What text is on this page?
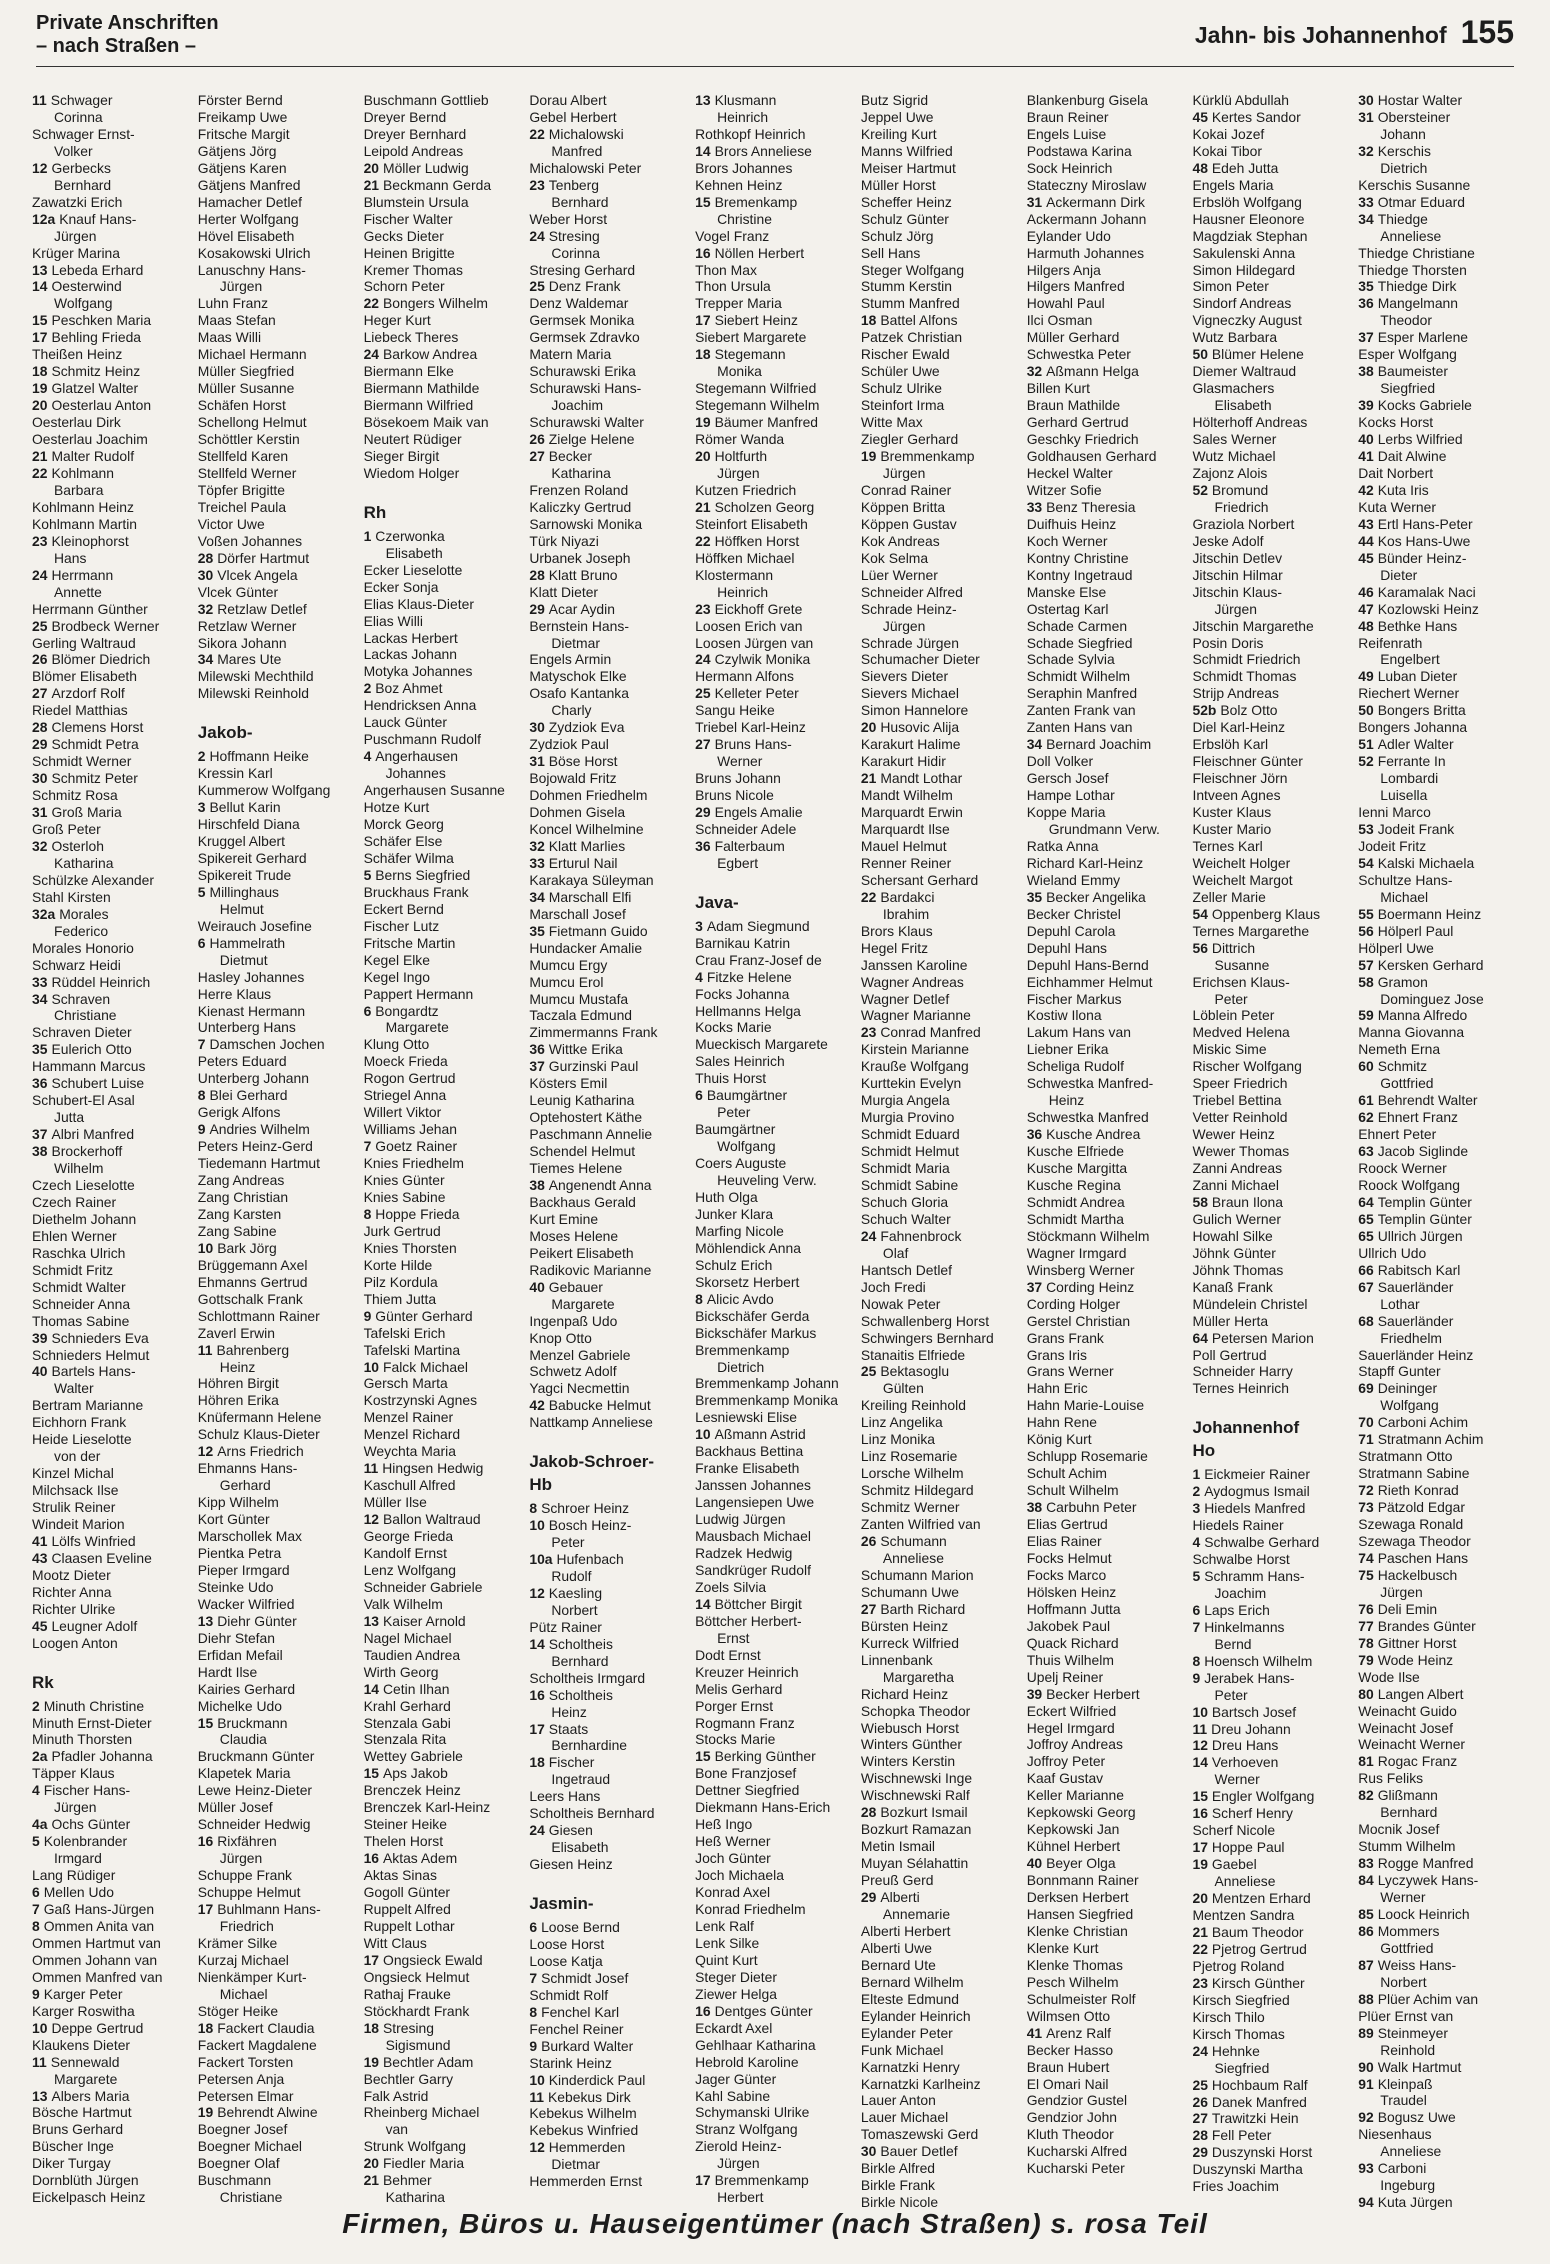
Private Anschriften
– nach Straßen –	Jahn- bis Johannenhof 155
11 Schwager
Corinna
Schwager Ernst-
Volker
12 Gerbecks
Bernhard
Zawatzki Erich
12a Knauf Hans-
Jürgen
Krüger Marina
13 Lebeda Erhard
14 Oesterwind
Wolfgang
15 Peschken Maria
17 Behling Frieda
Theißen Heinz
18 Schmitz Heinz
19 Glatzel Walter
20 Oesterlau Anton
Oesterlau Dirk
Oesterlau Joachim
21 Malter Rudolf
22 Kohlmann
Barbara
Kohlmann Heinz
Kohlmann Martin
23 Kleinophorst
Hans
24 Herrmann
Annette
Herrmann Günther
25 Brodbeck Werner
Gerling Waltraud
26 Blömer Diedrich
Blömer Elisabeth
27 Arzdorf Rolf
Riedel Matthias
28 Clemens Horst
29 Schmidt Petra
Schmidt Werner
30 Schmitz Peter
Schmitz Rosa
31 Groß Maria
Groß Peter
32 Osterloh
Katharina
Schülzke Alexander
Stahl Kirsten
32a Morales
Federico
Morales Honorio
Schwarz Heidi
33 Rüddel Heinrich
34 Schraven
Christiane
Schraven Dieter
35 Eulerich Otto
Hammann Marcus
36 Schubert Luise
Schubert-El Asal
Jutta
37 Albri Manfred
38 Brockerhoff
Wilhelm
Czech Lieselotte
Czech Rainer
Diethelm Johann
Ehlen Werner
Raschka Ulrich
Schmidt Fritz
Schmidt Walter
Schneider Anna
Thomas Sabine
39 Schnieders Eva
Schnieders Helmut
40 Bartels Hans-
Walter
Bertram Marianne
Eichhorn Frank
Heide Lieselotte
von der
Kinzel Michal
Milchsack Ilse
Strulik Reiner
Windeit Marion
41 Lölfs Winfried
43 Claasen Eveline
Mootz Dieter
Richter Anna
Richter Ulrike
45 Leugner Adolf
Loogen Anton
Rk
2 Minuth Christine
Minuth Ernst-Dieter
Minuth Thorsten
2a Pfadler Johanna
Täpper Klaus
4 Fischer Hans-
Jürgen
4a Ochs Günter
5 Kolenbrander
Irmgard
Lang Rüdiger
6 Mellen Udo
7 Gaß Hans-Jürgen
8 Ommen Anita van
Ommen Hartmut van
Ommen Johann van
Ommen Manfred van
9 Karger Peter
Karger Roswitha
10 Deppe Gertrud
Klaukens Dieter
11 Sennewald
Margarete
13 Albers Maria
Bösche Hartmut
Bruns Gerhard
Büscher Inge
Diker Turgay
Dornblüth Jürgen
Eickelpasch Heinz
Förster Bernd
Freikamp Uwe
Fritsche Margit
Gätjens Jörg
Gätjens Karen
Gätjens Manfred
Hamacher Detlef
Herter Wolfgang
Hövel Elisabeth
Kosakowski Ulrich
Lanuschny Hans-
Jürgen
Luhn Franz
Maas Stefan
Maas Willi
Michael Hermann
Müller Siegfried
Müller Susanne
Schäfen Horst
Schellong Helmut
Schöttler Kerstin
Stellfeld Karen
Stellfeld Werner
Töpfer Brigitte
Treichel Paula
Victor Uwe
Voßen Johannes
28 Dörfer Hartmut
30 Vlcek Angela
Vlcek Günter
32 Retzlaw Detlef
Retzlaw Werner
Sikora Johann
34 Mares Ute
Milewski Mechthild
Milewski Reinhold
Jakob-
2 Hoffmann Heike
Kressin Karl
Kummerow Wolfgang
3 Bellut Karin
Hirschfeld Diana
Kruggel Albert
Spikereit Gerhard
Spikereit Trude
5 Millinghaus
Helmut
Weirauch Josefine
6 Hammelrath
Dietmut
Hasley Johannes
Herre Klaus
Kienast Hermann
Unterberg Hans
7 Damschen Jochen
Peters Eduard
Unterberg Johann
8 Blei Gerhard
Gerigk Alfons
9 Andries Wilhelm
Peters Heinz-Gerd
Tiedemann Hartmut
Zang Andreas
Zang Christian
Zang Karsten
Zang Sabine
10 Bark Jörg
Brüggemann Axel
Ehmanns Gertrud
Gottschalk Frank
Schlottmann Rainer
Zaverl Erwin
11 Bahrenberg
Heinz
Höhren Birgit
Höhren Erika
Knüfermann Helene
Schulz Klaus-Dieter
12 Arns Friedrich
Ehmanns Hans-
Gerhard
Kipp Wilhelm
Kort Günter
Marschollek Max
Pientka Petra
Pieper Irmgard
Steinke Udo
Wacker Wilfried
13 Diehr Günter
Diehr Stefan
Erfidan Mefail
Hardt Ilse
Kairies Gerhard
Michelke Udo
15 Bruckmann
Claudia
Bruckmann Günter
Klapetek Maria
Lewe Heinz-Dieter
Müller Josef
Schneider Hedwig
16 Rixfähren
Jürgen
Schuppe Frank
Schuppe Helmut
17 Buhlmann Hans-
Friedrich
Krämer Silke
Kurzaj Michael
Nienkämper Kurt-
Michael
Stöger Heike
18 Fackert Claudia
Fackert Magdalene
Fackert Torsten
Petersen Anja
Petersen Elmar
19 Behrendt Alwine
Boegner Josef
Boegner Michael
Boegner Olaf
Buschmann
Christiane
Buschmann Gottlieb
Dreyer Bernd
Dreyer Bernhard
Leipold Andreas
20 Möller Ludwig
21 Beckmann Gerda
Blumstein Ursula
Fischer Walter
Gecks Dieter
Heinen Brigitte
Kremer Thomas
Schorn Peter
22 Bongers Wilhelm
Heger Kurt
Liebeck Theres
24 Barkow Andrea
Biermann Elke
Biermann Mathilde
Biermann Wilfried
Bösekoem Maik van
Neutert Rüdiger
Sieger Birgit
Wiedom Holger
Rh
1 Czerwonka
Elisabeth
Ecker Lieselotte
Ecker Sonja
Elias Klaus-Dieter
Elias Willi
Lackas Herbert
Lackas Johann
Motyka Johannes
2 Boz Ahmet
Hendricksen Anna
Lauck Günter
Puschmann Rudolf
4 Angerhausen
Johannes
Angerhausen Susanne
Hotze Kurt
Morck Georg
Schäfer Else
Schäfer Wilma
5 Berns Siegfried
Bruckhaus Frank
Eckert Bernd
Fischer Lutz
Fritsche Martin
Kegel Elke
Kegel Ingo
Pappert Hermann
6 Bongardtz
Margarete
Klung Otto
Moeck Frieda
Rogon Gertrud
Striegel Anna
Willert Viktor
Williams Jehan
7 Goetz Rainer
Knies Friedhelm
Knies Günter
Knies Sabine
8 Hoppe Frieda
Jurk Gertrud
Knies Thorsten
Korte Hilde
Pilz Kordula
Thiem Jutta
9 Günter Gerhard
Tafelski Erich
Tafelski Martina
10 Falck Michael
Gersch Marta
Kostrzynski Agnes
Menzel Rainer
Menzel Richard
Weychta Maria
11 Hingsen Hedwig
Kaschull Alfred
Müller Ilse
12 Ballon Waltraud
George Frieda
Kandolf Ernst
Lenz Wolfgang
Schneider Gabriele
Valk Wilhelm
13 Kaiser Arnold
Nagel Michael
Taudien Andrea
Wirth Georg
14 Cetin Ilhan
Krahl Gerhard
Stenzala Gabi
Stenzala Rita
Wettey Gabriele
15 Aps Jakob
Brenczek Heinz
Brenczek Karl-Heinz
Steiner Heike
Thelen Horst
16 Aktas Adem
Aktas Sinas
Gogoll Günter
Ruppelt Alfred
Ruppelt Lothar
Witt Claus
17 Ongsieck Ewald
Ongsieck Helmut
Rathaj Frauke
Stöckhardt Frank
18 Stresing
Sigismund
19 Bechtler Adam
Bechtler Garry
Falk Astrid
Rheinberg Michael
van
Strunk Wolfgang
20 Fiedler Maria
21 Behmer
Katharina
Dorau Albert
Gebel Herbert
22 Michalowski
Manfred
Michalowski Peter
23 Tenberg
Bernhard
Weber Horst
24 Stresing
Corinna
Stresing Gerhard
25 Denz Frank
Denz Waldemar
Germsek Monika
Germsek Zdravko
Matern Maria
Schurawski Erika
Schurawski Hans-
Joachim
Schurawski Walter
26 Zielge Helene
27 Becker
Katharina
Frenzen Roland
Kaliczky Gertrud
Sarnowski Monika
Türk Niyazi
Urbanek Joseph
28 Klatt Bruno
Klatt Dieter
29 Acar Aydin
Bernstein Hans-
Dietmar
Engels Armin
Matyschok Elke
Osafo Kantanka
Charly
30 Zydziok Eva
Zydziok Paul
31 Böse Horst
Bojowald Fritz
Dohmen Friedhelm
Dohmen Gisela
Koncel Wilhelmine
32 Klatt Marlies
33 Erturul Nail
Karakaya Süleyman
34 Marschall Elfi
Marschall Josef
35 Fietmann Guido
Hundacker Amalie
Mumcu Ergy
Mumcu Erol
Mumcu Mustafa
Taczala Edmund
Zimmermanns Frank
36 Wittke Erika
37 Gurzinski Paul
Kösters Emil
Leunig Katharina
Optehostert Käthe
Paschmann Annelie
Schendel Helmut
Tiemes Helene
38 Angenendt Anna
Backhaus Gerald
Kurt Emine
Moses Helene
Peikert Elisabeth
Radikovic Marianne
40 Gebauer
Margarete
Ingenpaß Udo
Knop Otto
Menzel Gabriele
Schwetz Adolf
Yagci Necmettin
42 Babucke Helmut
Nattkamp Anneliese
Jakob-Schroer-
Hb
8 Schroer Heinz
10 Bosch Heinz-
Peter
10a Hufenbach
Rudolf
12 Kaesling
Norbert
Pütz Rainer
14 Scholtheis
Bernhard
Scholtheis Irmgard
16 Scholtheis
Heinz
17 Staats
Bernhardine
18 Fischer
Ingetraud
Leers Hans
Scholtheis Bernhard
24 Giesen
Elisabeth
Giesen Heinz
Jasmin-
6 Loose Bernd
Loose Horst
Loose Katja
7 Schmidt Josef
Schmidt Rolf
8 Fenchel Karl
Fenchel Reiner
9 Burkard Walter
Starink Heinz
10 Kinderdick Paul
11 Kebekus Dirk
Kebekus Wilhelm
Kebekus Winfried
12 Hemmerden
Dietmar
Hemmerden Ernst
13 Klusmann
Heinrich
Rothkopf Heinrich
14 Brors Anneliese
Brors Johannes
Kehnen Heinz
15 Bremenkamp
Christine
Vogel Franz
16 Nöllen Herbert
Thon Max
Thon Ursula
Trepper Maria
17 Siebert Heinz
Siebert Margarete
18 Stegemann
Monika
Stegemann Wilfried
Stegemann Wilhelm
19 Bäumer Manfred
Römer Wanda
20 Holtfurth
Jürgen
Kutzen Friedrich
21 Scholzen Georg
Steinfort Elisabeth
22 Höffken Horst
Höffken Michael
Klostermann
Heinrich
23 Eickhoff Grete
Loosen Erich van
Loosen Jürgen van
24 Czylwik Monika
Hermann Alfons
25 Kelleter Peter
Sangu Heike
Triebel Karl-Heinz
27 Bruns Hans-
Werner
Bruns Johann
Bruns Nicole
29 Engels Amalie
Schneider Adele
36 Falterbaum
Egbert
Java-
3 Adam Siegmund
Barnikau Katrin
Crau Franz-Josef de
4 Fitzke Helene
Focks Johanna
Hellmanns Helga
Kocks Marie
Mueckisch Margarete
Sales Heinrich
Thuis Horst
6 Baumgärtner
Peter
Baumgärtner
Wolfgang
Coers Auguste
Heuveling Verw.
Huth Olga
Junker Klara
Marfing Nicole
Möhlendick Anna
Schulz Erich
Skorsetz Herbert
8 Alicic Avdo
Bickschäfer Gerda
Bickschäfer Markus
Bremmenkamp
Dietrich
Bremmenkamp Johann
Bremmenkamp Monika
Lesniewski Elise
10 Aßmann Astrid
Backhaus Bettina
Franke Elisabeth
Janssen Johannes
Langensiepen Uwe
Ludwig Jürgen
Mausbach Michael
Radzek Hedwig
Sandkrüger Rudolf
Zoels Silvia
14 Böttcher Birgit
Böttcher Herbert-
Ernst
Dodt Ernst
Kreuzer Heinrich
Melis Gerhard
Porger Ernst
Rogmann Franz
Stocks Marie
15 Berking Günther
Bone Franzjosef
Dettner Siegfried
Diekmann Hans-Erich
Heß Ingo
Heß Werner
Joch Günter
Joch Michaela
Konrad Axel
Konrad Friedhelm
Lenk Ralf
Lenk Silke
Quint Kurt
Steger Dieter
Ziewer Helga
16 Dentges Günter
Eckardt Axel
Gehlhaar Katharina
Hebrold Karoline
Jager Günter
Kahl Sabine
Schymanski Ulrike
Stranz Wolfgang
Zierold Heinz-
Jürgen
17 Bremmenkamp
Herbert
Butz Sigrid
Jeppel Uwe
Kreiling Kurt
Manns Wilfried
Meiser Hartmut
Müller Horst
Scheffer Heinz
Schulz Günter
Schulz Jörg
Sell Hans
Steger Wolfgang
Stumm Kerstin
Stumm Manfred
18 Battel Alfons
Patzek Christian
Rischer Ewald
Schüler Uwe
Schulz Ulrike
Steinfort Irma
Witte Max
Ziegler Gerhard
19 Bremmenkamp
Jürgen
Conrad Rainer
Köppen Britta
Köppen Gustav
Kok Andreas
Kok Selma
Lüer Werner
Schneider Alfred
Schrade Heinz-
Jürgen
Schrade Jürgen
Schumacher Dieter
Sievers Dieter
Sievers Michael
Simon Hannelore
20 Husovic Alija
Karakurt Halime
Karakurt Hidir
21 Mandt Lothar
Mandt Wilhelm
Marquardt Erwin
Marquardt Ilse
Mauel Helmut
Renner Reiner
Schersant Gerhard
22 Bardakci
Ibrahim
Brors Klaus
Hegel Fritz
Janssen Karoline
Wagner Andreas
Wagner Detlef
Wagner Marianne
23 Conrad Manfred
Kirstein Marianne
Krauße Wolfgang
Kurttekin Evelyn
Murgia Angela
Murgia Provino
Schmidt Eduard
Schmidt Helmut
Schmidt Maria
Schmidt Sabine
Schuch Gloria
Schuch Walter
24 Fahnenbrock
Olaf
Hantsch Detlef
Joch Fredi
Nowak Peter
Schwallenberg Horst
Schwingers Bernhard
Stanaitis Elfriede
25 Bektasoglu
Gülten
Kreiling Reinhold
Linz Angelika
Linz Monika
Linz Rosemarie
Lorsche Wilhelm
Schmitz Hildegard
Schmitz Werner
Zanten Wilfried van
26 Schumann
Anneliese
Schumann Marion
Schumann Uwe
27 Barth Richard
Bürsten Heinz
Kurreck Wilfried
Linnenbank
Margaretha
Richard Heinz
Schopka Theodor
Wiebusch Horst
Winters Günther
Winters Kerstin
Wischnewski Inge
Wischnewski Ralf
28 Bozkurt Ismail
Bozkurt Ramazan
Metin Ismail
Muyan Sélahattin
Preuß Gerd
29 Alberti
Annemarie
Alberti Herbert
Alberti Uwe
Bernard Ute
Bernard Wilhelm
Elteste Edmund
Eylander Heinrich
Eylander Peter
Funk Michael
Karnatzki Henry
Karnatzki Karlheinz
Lauer Anton
Lauer Michael
Tomaszewski Gerd
30 Bauer Detlef
Birkle Alfred
Birkle Frank
Birkle Nicole
Blankenburg Gisela
Braun Reiner
Engels Luise
Podstawa Karina
Sock Heinrich
Stateczny Miroslaw
31 Ackermann Dirk
Ackermann Johann
Eylander Udo
Harmuth Johannes
Hilgers Anja
Hilgers Manfred
Howahl Paul
Ilci Osman
Müller Gerhard
Schwestka Peter
32 Aßmann Helga
Billen Kurt
Braun Mathilde
Gerhard Gertrud
Geschky Friedrich
Goldhausen Gerhard
Heckel Walter
Witzer Sofie
33 Benz Theresia
Duifhuis Heinz
Koch Werner
Kontny Christine
Kontny Ingetraud
Manske Else
Ostertag Karl
Schade Carmen
Schade Siegfried
Schade Sylvia
Schmidt Wilhelm
Seraphin Manfred
Zanten Frank van
Zanten Hans van
34 Bernard Joachim
Doll Volker
Gersch Josef
Hampe Lothar
Koppe Maria
Grundmann Verw.
Ratka Anna
Richard Karl-Heinz
Wieland Emmy
35 Becker Angelika
Becker Christel
Depuhl Carola
Depuhl Hans
Depuhl Hans-Bernd
Eichhammer Helmut
Fischer Markus
Kostiw Ilona
Lakum Hans van
Liebner Erika
Scheliga Rudolf
Schwestka Manfred-
Heinz
Schwestka Manfred
36 Kusche Andrea
Kusche Elfriede
Kusche Margitta
Kusche Regina
Schmidt Andrea
Schmidt Martha
Stöckmann Wilhelm
Wagner Irmgard
Winsberg Werner
37 Cording Heinz
Cording Holger
Gerstel Christian
Grans Frank
Grans Iris
Grans Werner
Hahn Eric
Hahn Marie-Louise
Hahn Rene
König Kurt
Schlupp Rosemarie
Schult Achim
Schult Wilhelm
38 Carbuhn Peter
Elias Gertrud
Elias Rainer
Focks Helmut
Focks Marco
Hölsken Heinz
Hoffmann Jutta
Jakobek Paul
Quack Richard
Thuis Wilhelm
Upelj Reiner
39 Becker Herbert
Eckert Wilfried
Hegel Irmgard
Joffroy Andreas
Joffroy Peter
Kaaf Gustav
Keller Marianne
Kepkowski Georg
Kepkowski Jan
Kühnel Herbert
40 Beyer Olga
Bonnmann Rainer
Derksen Herbert
Hansen Siegfried
Klenke Christian
Klenke Kurt
Klenke Thomas
Pesch Wilhelm
Schulmeister Rolf
Wilmsen Otto
41 Arenz Ralf
Becker Hasso
Braun Hubert
El Omari Nail
Gendzior Gustel
Gendzior John
Kluth Theodor
Kucharski Alfred
Kucharski Peter
Kürklü Abdullah
45 Kertes Sandor
Kokai Jozef
Kokai Tibor
48 Edeh Jutta
Engels Maria
Erbslöh Wolfgang
Hausner Eleonore
Magdziak Stephan
Sakulenski Anna
Simon Hildegard
Simon Peter
Sindorf Andreas
Vigneczky August
Wutz Barbara
50 Blümer Helene
Diemer Waltraud
Glasmachers
Elisabeth
Hölterhoff Andreas
Sales Werner
Wutz Michael
Zajonz Alois
52 Bromund
Friedrich
Graziola Norbert
Jeske Adolf
Jitschin Detlev
Jitschin Hilmar
Jitschin Klaus-
Jürgen
Jitschin Margarethe
Posin Doris
Schmidt Friedrich
Schmidt Thomas
Strijp Andreas
52b Bolz Otto
Diel Karl-Heinz
Erbslöh Karl
Fleischner Günter
Fleischner Jörn
Intveen Agnes
Kuster Klaus
Kuster Mario
Ternes Karl
Weichelt Holger
Weichelt Margot
Zeller Marie
54 Oppenberg Klaus
Ternes Margarethe
56 Dittrich
Susanne
Erichsen Klaus-
Peter
Löblein Peter
Medved Helena
Miskic Sime
Rischer Wolfgang
Speer Friedrich
Triebel Bettina
Vetter Reinhold
Wewer Heinz
Wewer Thomas
Zanni Andreas
Zanni Michael
58 Braun Ilona
Gulich Werner
Howahl Silke
Jöhnk Günter
Jöhnk Thomas
Kanaß Frank
Mündelein Christel
Müller Herta
64 Petersen Marion
Poll Gertrud
Schneider Harry
Ternes Heinrich
Johannenhof
Ho
1 Eickmeier Rainer
2 Aydogmus Ismail
3 Hiedels Manfred
Hiedels Rainer
4 Schwalbe Gerhard
Schwalbe Horst
5 Schramm Hans-
Joachim
6 Laps Erich
7 Hinkelmanns
Bernd
8 Hoensch Wilhelm
9 Jerabek Hans-
Peter
10 Bartsch Josef
11 Dreu Johann
12 Dreu Hans
14 Verhoeven
Werner
15 Engler Wolfgang
16 Scherf Henry
Scherf Nicole
17 Hoppe Paul
19 Gaebel
Anneliese
20 Mentzen Erhard
Mentzen Sandra
21 Baum Theodor
22 Pjetrog Gertrud
Pjetrog Roland
23 Kirsch Günther
Kirsch Siegfried
Kirsch Thilo
Kirsch Thomas
24 Hehnke
Siegfried
25 Hochbaum Ralf
26 Danek Manfred
27 Trawitzki Hein
28 Fell Peter
29 Duszynski Horst
Duszynski Martha
Fries Joachim
30 Hostar Walter
31 Obersteiner
Johann
32 Kerschis
Dietrich
Kerschis Susanne
33 Otmar Eduard
34 Thiedge
Anneliese
Thiedge Christiane
Thiedge Thorsten
35 Thiedge Dirk
36 Mangelmann
Theodor
37 Esper Marlene
Esper Wolfgang
38 Baumeister
Siegfried
39 Kocks Gabriele
Kocks Horst
40 Lerbs Wilfried
41 Dait Alwine
Dait Norbert
42 Kuta Iris
Kuta Werner
43 Ertl Hans-Peter
44 Kos Hans-Uwe
45 Bünder Heinz-
Dieter
46 Karamalak Naci
47 Kozlowski Heinz
48 Bethke Hans
Reifenrath
Engelbert
49 Luban Dieter
Riechert Werner
50 Bongers Britta
Bongers Johanna
51 Adler Walter
52 Ferrante In
Lombardi
Luisella
Ienni Marco
53 Jodeit Frank
Jodeit Fritz
54 Kalski Michaela
Schultze Hans-
Michael
55 Boermann Heinz
56 Hölperl Paul
Hölperl Uwe
57 Kersken Gerhard
58 Gramon
Dominguez Jose
59 Manna Alfredo
Manna Giovanna
Nemeth Erna
60 Schmitz
Gottfried
61 Behrendt Walter
62 Ehnert Franz
Ehnert Peter
63 Jacob Siglinde
Roock Werner
Roock Wolfgang
64 Templin Günter
65 Templin Günter
65 Ullrich Jürgen
Ullrich Udo
66 Rabitsch Karl
67 Sauerländer
Lothar
68 Sauerländer
Friedhelm
Sauerländer Heinz
Stapff Gunter
69 Deininger
Wolfgang
70 Carboni Achim
71 Stratmann Achim
Stratmann Otto
Stratmann Sabine
72 Rieth Konrad
73 Pätzold Edgar
Szewaga Ronald
Szewaga Theodor
74 Paschen Hans
75 Hackelbusch
Jürgen
76 Deli Emin
77 Brandes Günter
78 Gittner Horst
79 Wode Heinz
Wode Ilse
80 Langen Albert
Weinacht Guido
Weinacht Josef
Weinacht Werner
81 Rogac Franz
Rus Feliks
82 Glißmann
Bernhard
Mocnik Josef
Stumm Wilhelm
83 Rogge Manfred
84 Lyczywek Hans-
Werner
85 Loock Heinrich
86 Mommers
Gottfried
87 Weiss Hans-
Norbert
88 Plüer Achim van
Plüer Ernst van
89 Steinmeyer
Reinhold
90 Walk Hartmut
91 Kleinpaß
Traudel
92 Bogusz Uwe
Niesenhaus
Anneliese
93 Carboni
Ingeburg
94 Kuta Jürgen
Firmen, Büros u. Hauseigentümer (nach Straßen) s. rosa Teil
